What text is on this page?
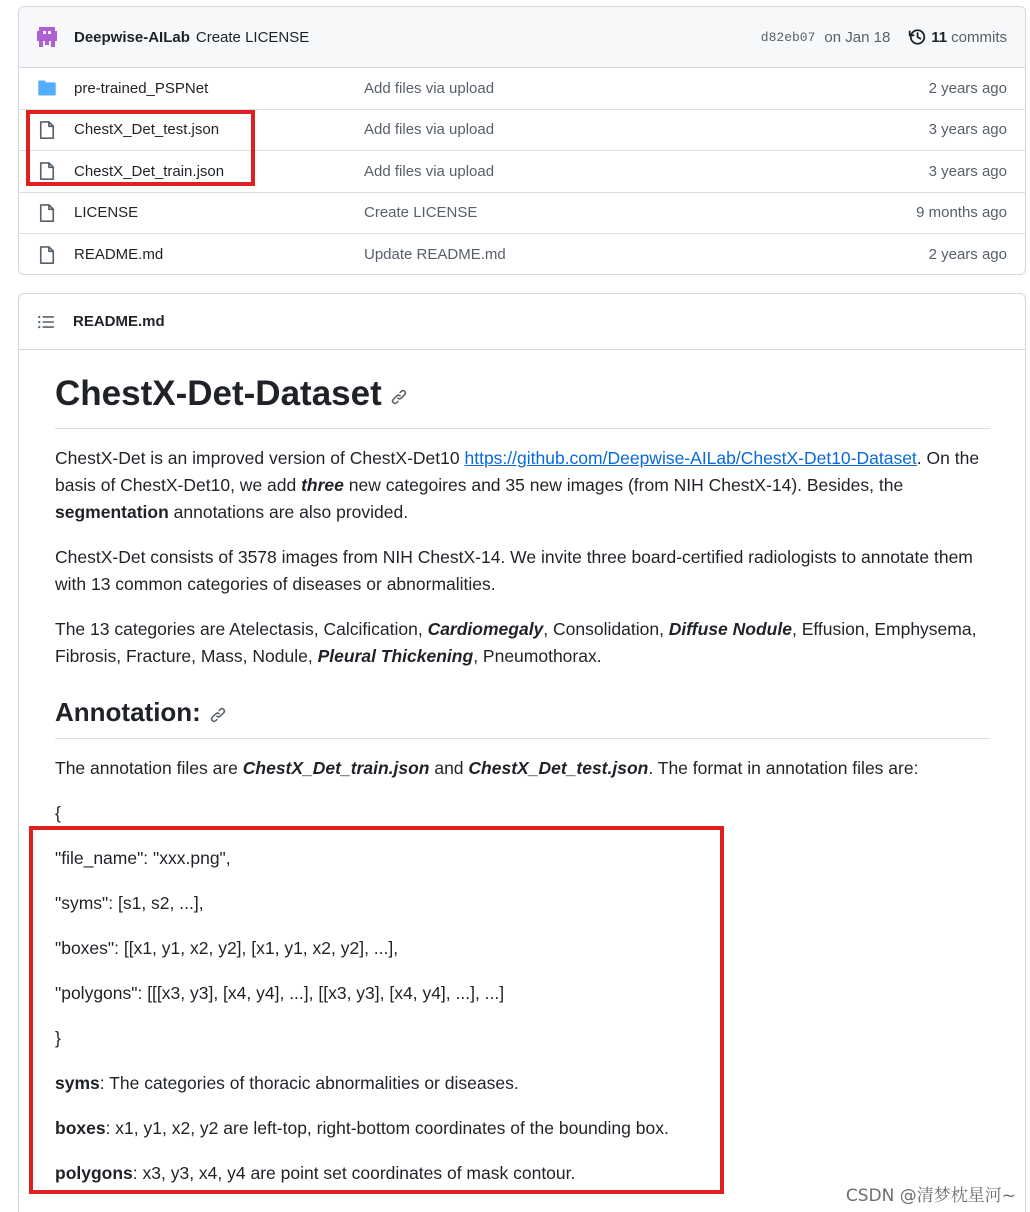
Deepwise-AILab Create LICENSE	d82eb07 on Jan 18	11 commits
pre-trained_PSPNet	Add files via upload	2 years ago
ChestX_Det_test.json	Add files via upload	3 years ago
ChestX_Det_train.json	Add files via upload	3 years ago
LICENSE	Create LICENSE	9 months ago
README.md	Update README.md	2 years ago
README.md
ChestX-Det-Dataset

ChestX-Det is an improved version of ChestX-Det10 https://github.com/Deepwise-AILab/ChestX-Det10-Dataset. On the basis of ChestX-Det10, we add three new categoires and 35 new images (from NIH ChestX-14). Besides, the segmentation annotations are also provided.

ChestX-Det consists of 3578 images from NIH ChestX-14. We invite three board-certified radiologists to annotate them with 13 common categories of diseases or abnormalities.

The 13 categories are Atelectasis, Calcification, Cardiomegaly, Consolidation, Diffuse Nodule, Effusion, Emphysema, Fibrosis, Fracture, Mass, Nodule, Pleural Thickening, Pneumothorax.

Annotation:

The annotation files are ChestX_Det_train.json and ChestX_Det_test.json. The format in annotation files are:

{

"file_name": "xxx.png",

"syms": [s1, s2, ...],

"boxes": [[x1, y1, x2, y2], [x1, y1, x2, y2], ...],

"polygons": [[[x3, y3], [x4, y4], ...], [[x3, y3], [x4, y4], ...], ...]

}

syms: The categories of thoracic abnormalities or diseases.

boxes: x1, y1, x2, y2 are left-top, right-bottom coordinates of the bounding box.

polygons: x3, y3, x4, y4 are point set coordinates of mask contour.

CSDN @清梦枕星河~
